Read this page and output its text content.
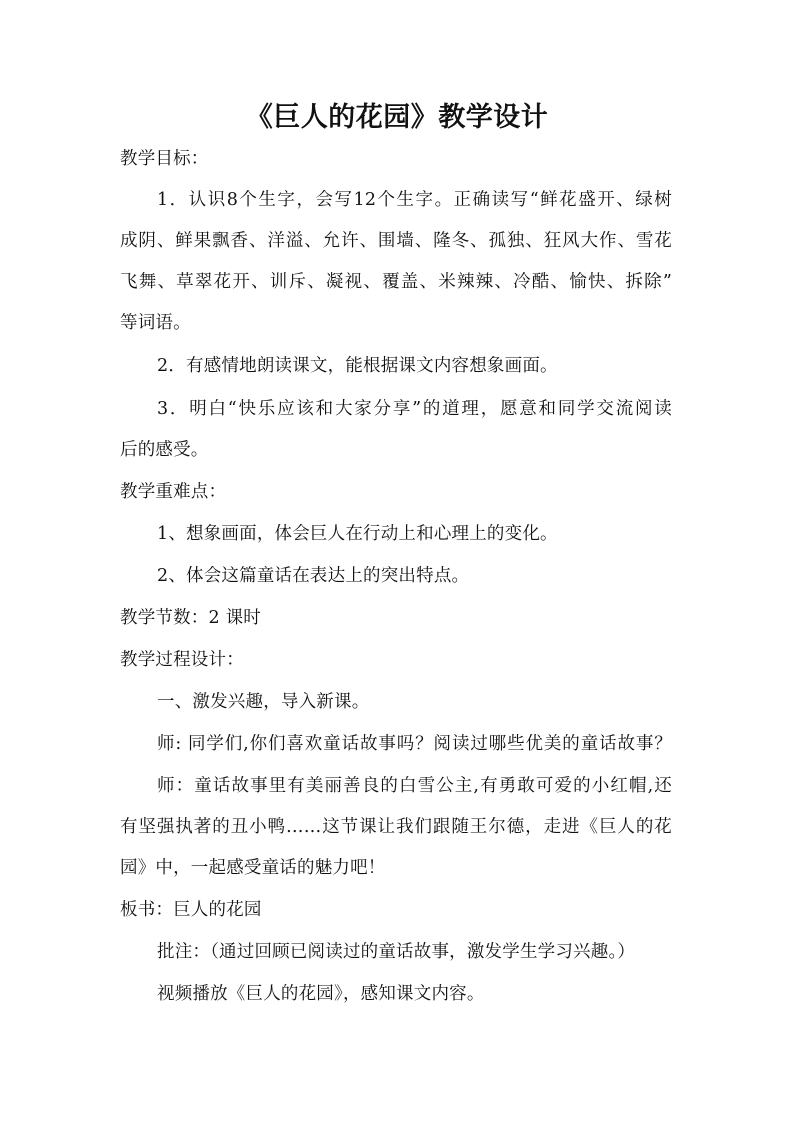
《巨人的花园》教学设计
教学目标：
1．认识8个生字，会写12个生字。正确读写“鲜花盛开、绿树
成阴、鲜果飘香、洋溢、允许、围墙、隆冬、孤独、狂风大作、雪花
飞舞、草翠花开、训斥、凝视、覆盖、米辣辣、冷酷、愉快、拆除”
等词语。
2．有感情地朗读课文，能根据课文内容想象画面。
3．明白“快乐应该和大家分享”的道理，愿意和同学交流阅读
后的感受。
教学重难点：
1、想象画面，体会巨人在行动上和心理上的变化。
2、体会这篇童话在表达上的突出特点。
教学节数：2 课时
教学过程设计：
一、激发兴趣，导入新课。
师: 同学们,你们喜欢童话故事吗？阅读过哪些优美的童话故事？
师：童话故事里有美丽善良的白雪公主,有勇敢可爱的小红帽,还
有坚强执著的丑小鸭……这节课让我们跟随王尔德，走进《巨人的花
园》中，一起感受童话的魅力吧！
板书：巨人的花园
批注：（通过回顾已阅读过的童话故事，激发学生学习兴趣。）
视频播放《巨人的花园》，感知课文内容。
